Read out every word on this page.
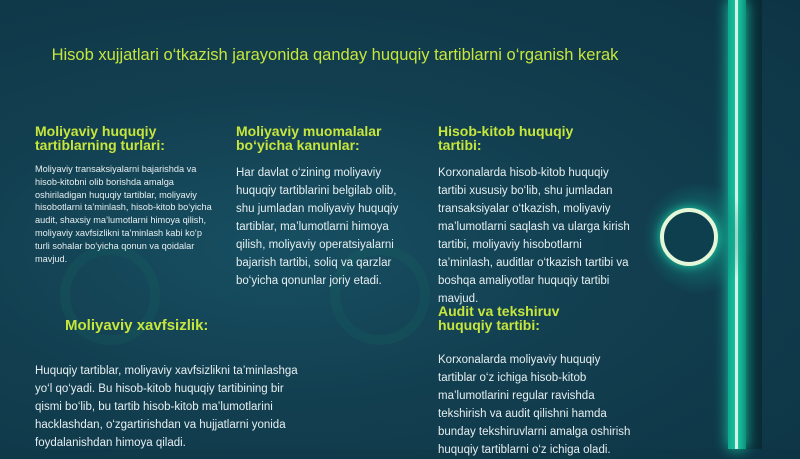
Hisob xujjatlari o‘tkazish jarayonida qanday huquqiy tartiblarni o‘rganish kerak
Moliyaviy huquqiy tartiblarning turlari:
Moliyaviy transaksiyalarni bajarishda va hisob-kitobni olib borishda amalga oshiriladigan huquqiy tartiblar, moliyaviy hisobotlarni ta’minlash, hisob-kitob bo‘yicha audit, shaxsiy ma’lumotlarni himoya qilish, moliyaviy xavfsizlikni ta’minlash kabi ko‘p turli sohalar bo‘yicha qonun va qoidalar mavjud.
Moliyaviy muomalalar bo‘yicha kanunlar:
Har davlat o‘zining moliyaviy huquqiy tartiblarini belgilab olib, shu jumladan moliyaviy huquqiy tartiblar, ma’lumotlarni himoya qilish, moliyaviy operatsiyalarni bajarish tartibi, soliq va qarzlar bo‘yicha qonunlar joriy etadi.
Hisob-kitob huquqiy tartibi:
Korxonalarda hisob-kitob huquqiy tartibi xususiy bo‘lib, shu jumladan transaksiyalar o‘tkazish, moliyaviy ma’lumotlarni saqlash va ularga kirish tartibi, moliyaviy hisobotlarni ta’minlash, auditlar o‘tkazish tartibi va boshqa amaliyotlar huquqiy tartibi mavjud.
Moliyaviy xavfsizlik:
Huquqiy tartiblar, moliyaviy xavfsizlikni ta’minlashga yo‘l qo‘yadi. Bu hisob-kitob huquqiy tartibining bir qismi bo‘lib, bu tartib hisob-kitob ma’lumotlarini hacklashdan, o‘zgartirishdan va hujjatlarni yonida foydalanishdan himoya qiladi.
Audit va tekshiruv huquqiy tartibi:
Korxonalarda moliyaviy huquqiy tartiblar o‘z ichiga hisob-kitob ma’lumotlarini regular ravishda tekshirish va audit qilishni hamda bunday tekshiruvlarni amalga oshirish huquqiy tartiblarni o‘z ichiga oladi.
